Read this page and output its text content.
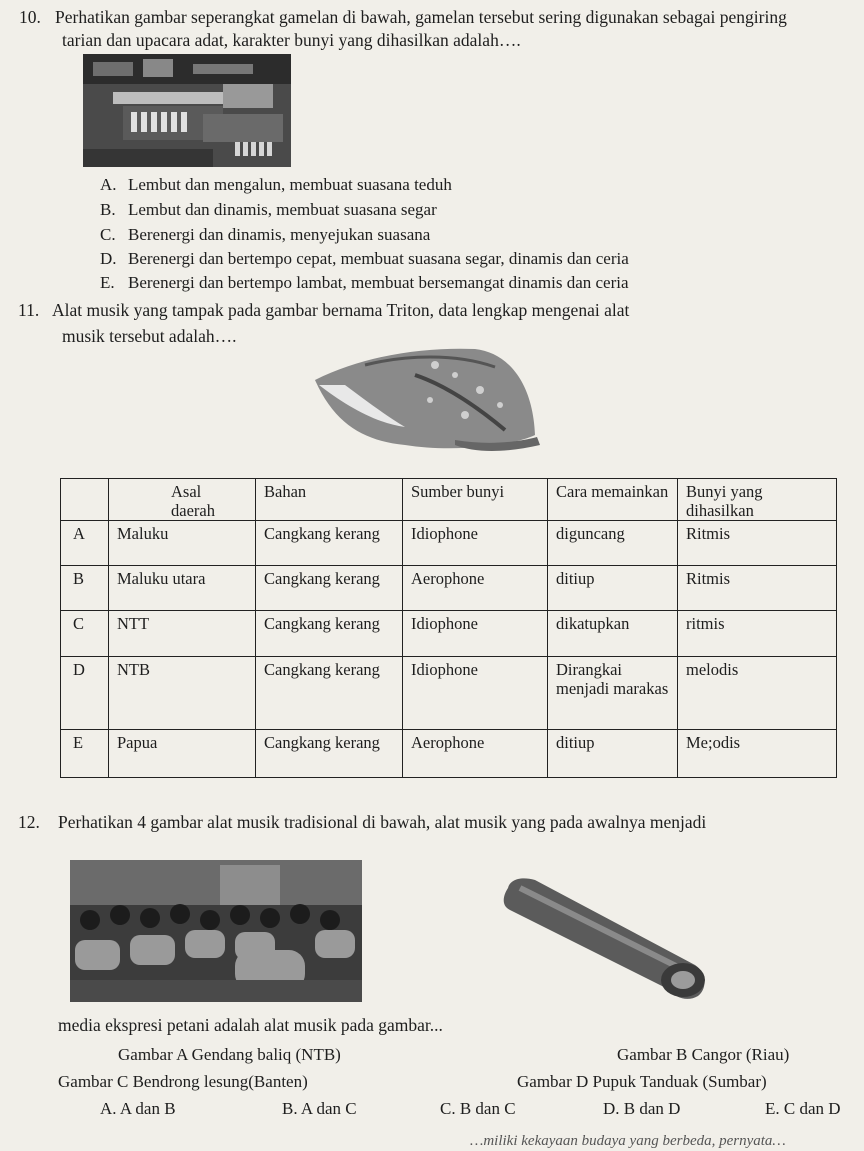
10. Perhatikan gambar seperangkat gamelan di bawah, gamelan tersebut sering digunakan sebagai pengiring
tarian dan upacara adat, karakter bunyi yang dihasilkan adalah….
A. Lembut dan mengalun, membuat suasana teduh
B. Lembut dan dinamis, membuat suasana segar
C. Berenergi dan dinamis, menyejukan suasana
D. Berenergi dan bertempo cepat, membuat suasana segar, dinamis dan ceria
E. Berenergi dan bertempo lambat, membuat bersemangat dinamis dan ceria
11. Alat musik yang tampak pada gambar bernama Triton, data lengkap mengenai alat
musik tersebut adalah….
	Asal daerah	Bahan	Sumber bunyi	Cara memainkan	Bunyi yang dihasilkan
A	Maluku	Cangkang kerang	Idiophone	diguncang	Ritmis
B	Maluku utara	Cangkang kerang	Aerophone	ditiup	Ritmis
C	NTT	Cangkang kerang	Idiophone	dikatupkan	ritmis
D	NTB	Cangkang kerang	Idiophone	Dirangkai menjadi marakas	melodis
E	Papua	Cangkang kerang	Aerophone	ditiup	Me;odis
12. Perhatikan 4 gambar alat musik tradisional di bawah, alat musik yang pada awalnya menjadi
media ekspresi petani adalah alat musik pada gambar...
Gambar A Gendang baliq (NTB)	Gambar B Cangor (Riau)
Gambar C Bendrong lesung(Banten)	Gambar D Pupuk Tanduak (Sumbar)
A. A dan B	B. A dan C	C. B dan C	D. B dan D	E. C dan D
…miliki kekayaan budaya yang berbeda, pernyata…
